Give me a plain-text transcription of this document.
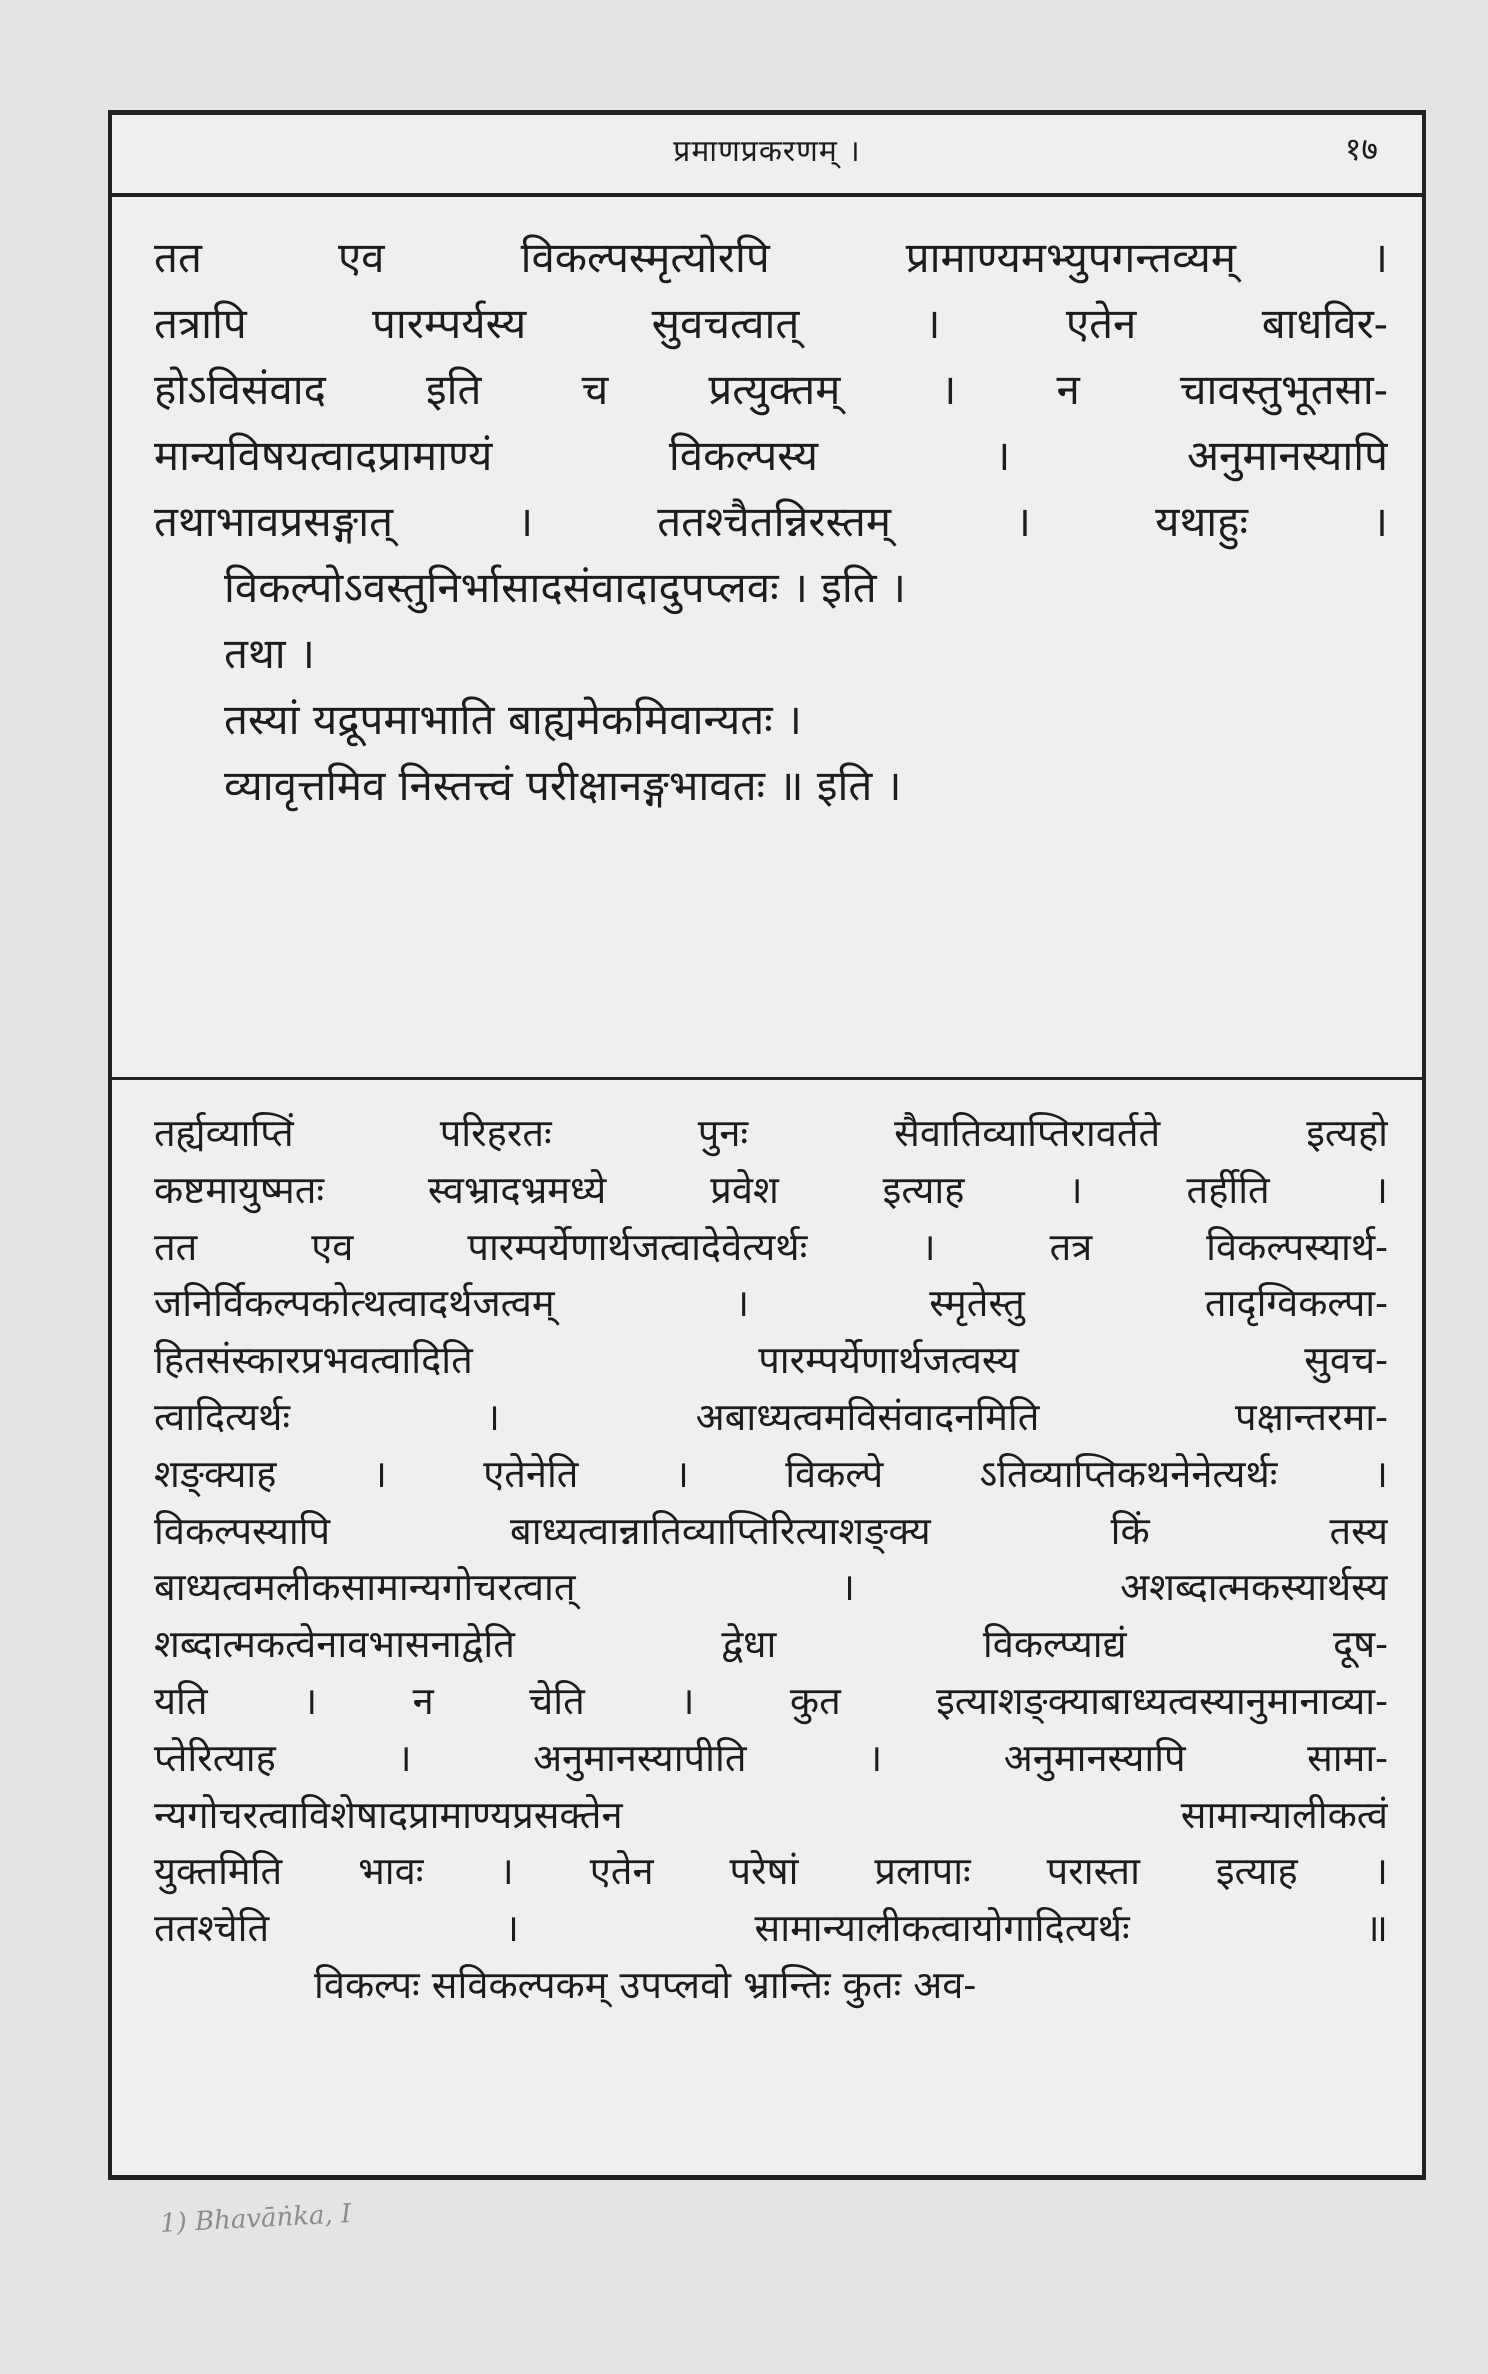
प्रमाणप्रकरणम् ।	१७
तत एव विकल्पस्मृत्योरपि प्रामाण्यमभ्युपगन्तव्यम् ।
तत्रापि पारम्पर्यस्य सुवचत्वात् । एतेन बाधविर-
होऽविसंवाद इति च प्रत्युक्तम् । न चावस्तुभूतसा-
मान्यविषयत्वादप्रामाण्यं विकल्पस्य । अनुमानस्यापि
तथाभावप्रसङ्गात् । ततश्चैतन्निरस्तम् । यथाहुः ।
विकल्पोऽवस्तुनिर्भासादसंवादादुपप्लवः । इति ।
तथा ।
तस्यां यद्रूपमाभाति बाह्यमेकमिवान्यतः ।
व्यावृत्तमिव निस्तत्त्वं परीक्षानङ्गभावतः ॥ इति ।
तर्ह्यव्याप्तिं परिहरतः पुनः सैवातिव्याप्तिरावर्तते इत्यहो
कष्टमायुष्मतः स्वभ्रादभ्रमध्ये प्रवेश इत्याह । तर्हीति ।
तत एव पारम्पर्येणार्थजत्वादेवेत्यर्थः । तत्र विकल्पस्यार्थ-
जनिर्विकल्पकोत्थत्वादर्थजत्वम् । स्मृतेस्तु तादृग्विकल्पा-
हितसंस्कारप्रभवत्वादिति पारम्पर्येणार्थजत्वस्य सुवच-
त्वादित्यर्थः । अबाध्यत्वमविसंवादनमिति पक्षान्तरमा-
शङ्क्याह । एतेनेति । विकल्पे ऽतिव्याप्तिकथनेनेत्यर्थः ।
विकल्पस्यापि बाध्यत्वान्नातिव्याप्तिरित्याशङ्क्य किं तस्य
बाध्यत्वमलीकसामान्यगोचरत्वात् । अशब्दात्मकस्यार्थस्य
शब्दात्मकत्वेनावभासनाद्वेति द्वेधा विकल्प्याद्यं दूष-
यति । न चेति । कुत इत्याशङ्क्याबाध्यत्वस्यानुमानाव्या-
प्तेरित्याह । अनुमानस्यापीति । अनुमानस्यापि सामा-
न्यगोचरत्वाविशेषादप्रामाण्यप्रसक्तेन सामान्यालीकत्वं
युक्तमिति भावः । एतेन परेषां प्रलापाः परास्ता इत्याह ।
ततश्चेति । सामान्यालीकत्वायोगादित्यर्थः ॥
विकल्पः सविकल्पकम् उपप्लवो भ्रान्तिः कुतः अव-
1) Bhavāṅka, I
